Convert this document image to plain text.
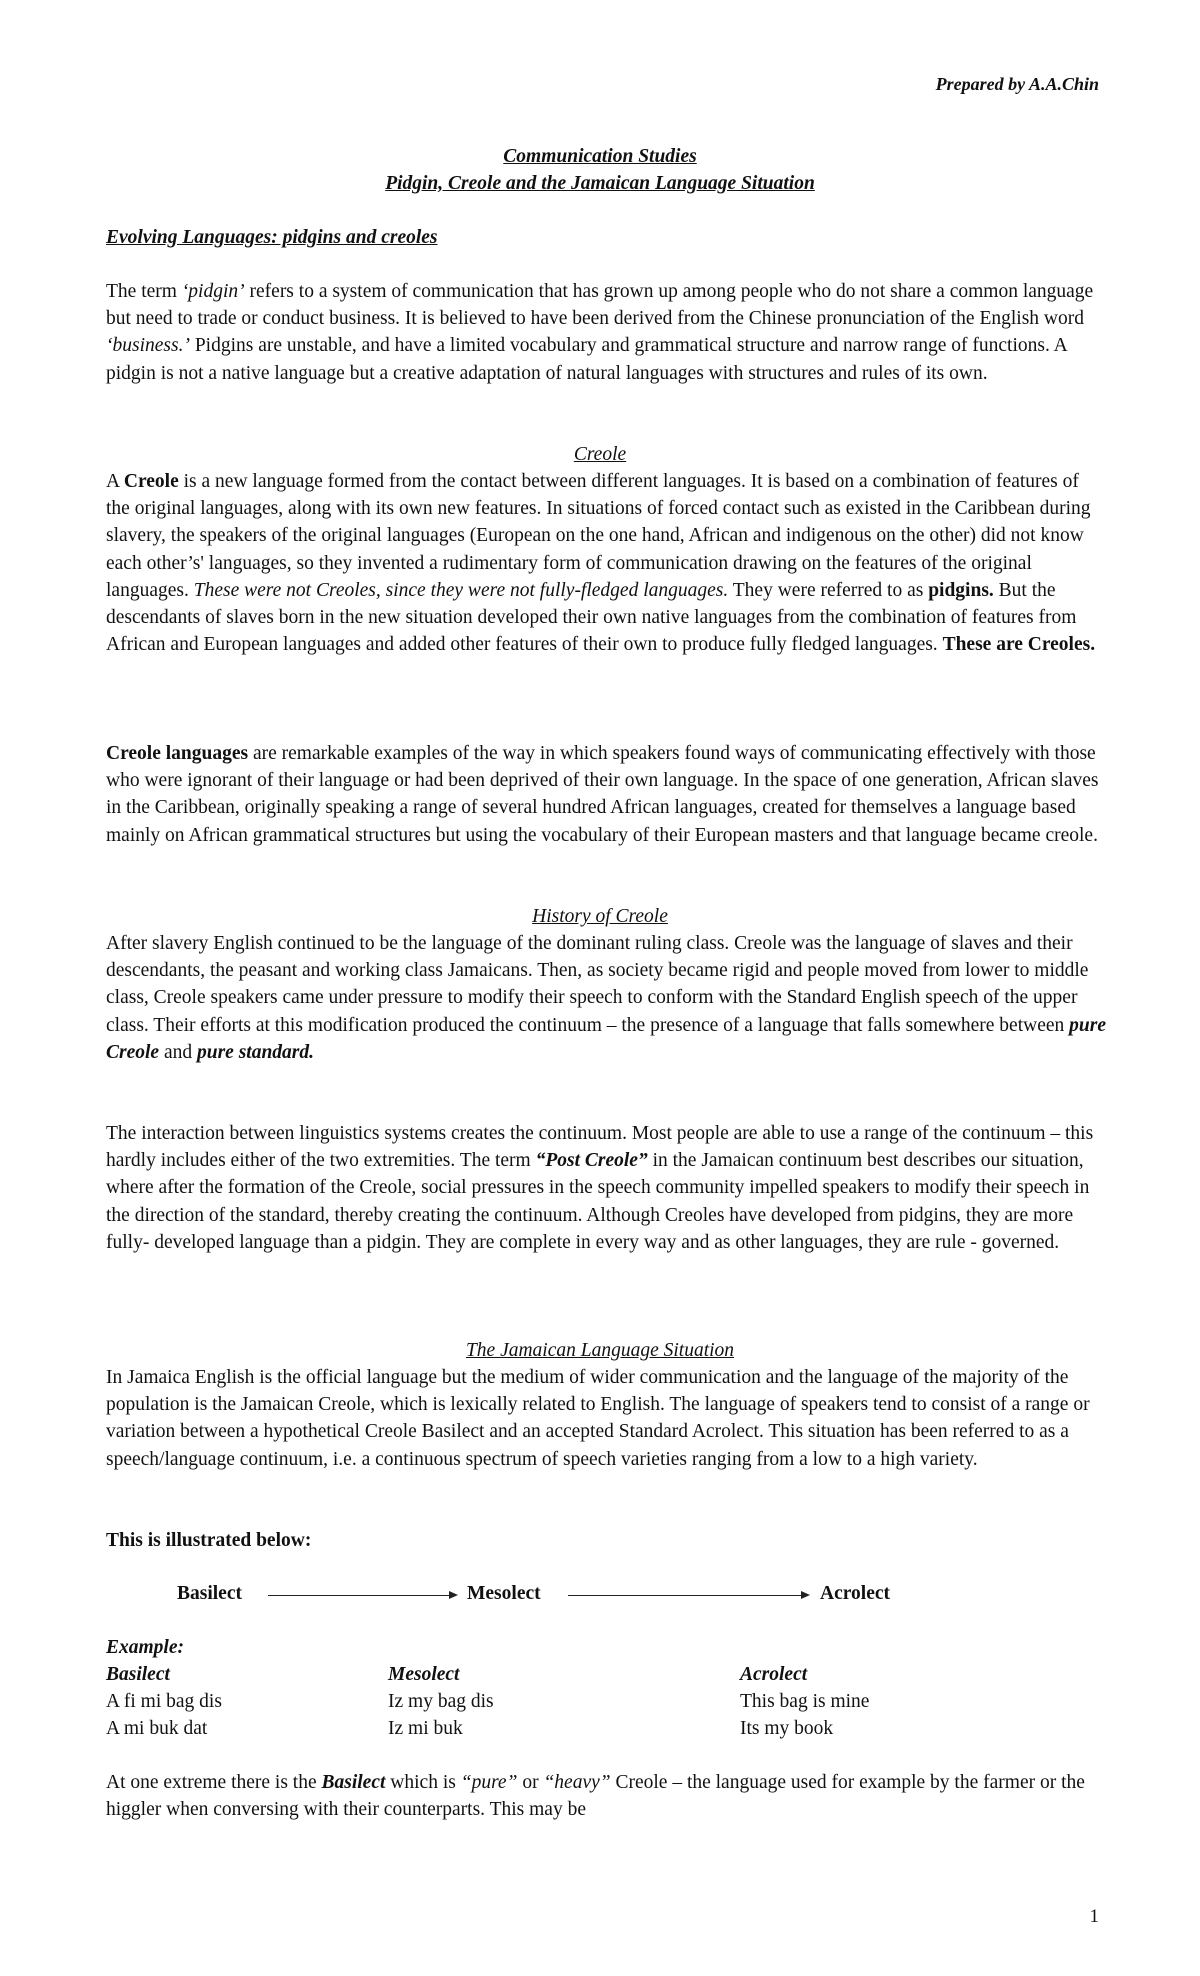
Prepared by A.A.Chin
Communication Studies
Pidgin, Creole and the Jamaican Language Situation
Evolving Languages: pidgins and creoles

The term ‘pidgin’ refers to a system of communication that has grown up among people who do not share a common language but need to trade or conduct business. It is believed to have been derived from the Chinese pronunciation of the English word ‘business.’ Pidgins are unstable, and have a limited vocabulary and grammatical structure and narrow range of functions. A pidgin is not a native language but a creative adaptation of natural languages with structures and rules of its own.

Creole

A Creole is a new language formed from the contact between different languages. It is based on a combination of features of the original languages, along with its own new features. In situations of forced contact such as existed in the Caribbean during slavery, the speakers of the original languages (European on the one hand, African and indigenous on the other) did not know each other’s' languages, so they invented a rudimentary form of communication drawing on the features of the original languages. These were not Creoles, since they were not fully-fledged languages. They were referred to as pidgins. But the descendants of slaves born in the new situation developed their own native languages from the combination of features from African and European languages and added other features of their own to produce fully fledged languages. These are Creoles.

Creole languages are remarkable examples of the way in which speakers found ways of communicating effectively with those who were ignorant of their language or had been deprived of their own language. In the space of one generation, African slaves in the Caribbean, originally speaking a range of several hundred African languages, created for themselves a language based mainly on African grammatical structures but using the vocabulary of their European masters and that language became creole.

History of Creole

After slavery English continued to be the language of the dominant ruling class. Creole was the language of slaves and their descendants, the peasant and working class Jamaicans. Then, as society became rigid and people moved from lower to middle class, Creole speakers came under pressure to modify their speech to conform with the Standard English speech of the upper class. Their efforts at this modification produced the continuum – the presence of a language that falls somewhere between pure Creole and pure standard.

The interaction between linguistics systems creates the continuum. Most people are able to use a range of the continuum – this hardly includes either of the two extremities. The term “Post Creole” in the Jamaican continuum best describes our situation, where after the formation of the Creole, social pressures in the speech community impelled speakers to modify their speech in the direction of the standard, thereby creating the continuum. Although Creoles have developed from pidgins, they are more fully- developed language than a pidgin. They are complete in every way and as other languages, they are rule - governed.

The Jamaican Language Situation

In Jamaica English is the official language but the medium of wider communication and the language of the majority of the population is the Jamaican Creole, which is lexically related to English. The language of speakers tend to consist of a range or variation between a hypothetical Creole Basilect and an accepted Standard Acrolect. This situation has been referred to as a speech/language continuum, i.e. a continuous spectrum of speech varieties ranging from a low to a high variety.

This is illustrated below:
Basilect	Mesolect	Acrolect
Example:
Basilect
A fi mi bag dis
A mi buk dat
Mesolect
Iz my bag dis
Iz mi buk
Acrolect
This bag is mine
Its my book

At one extreme there is the Basilect which is “pure” or “heavy” Creole – the language used for example by the farmer or the higgler when conversing with their counterparts. This may be

1
